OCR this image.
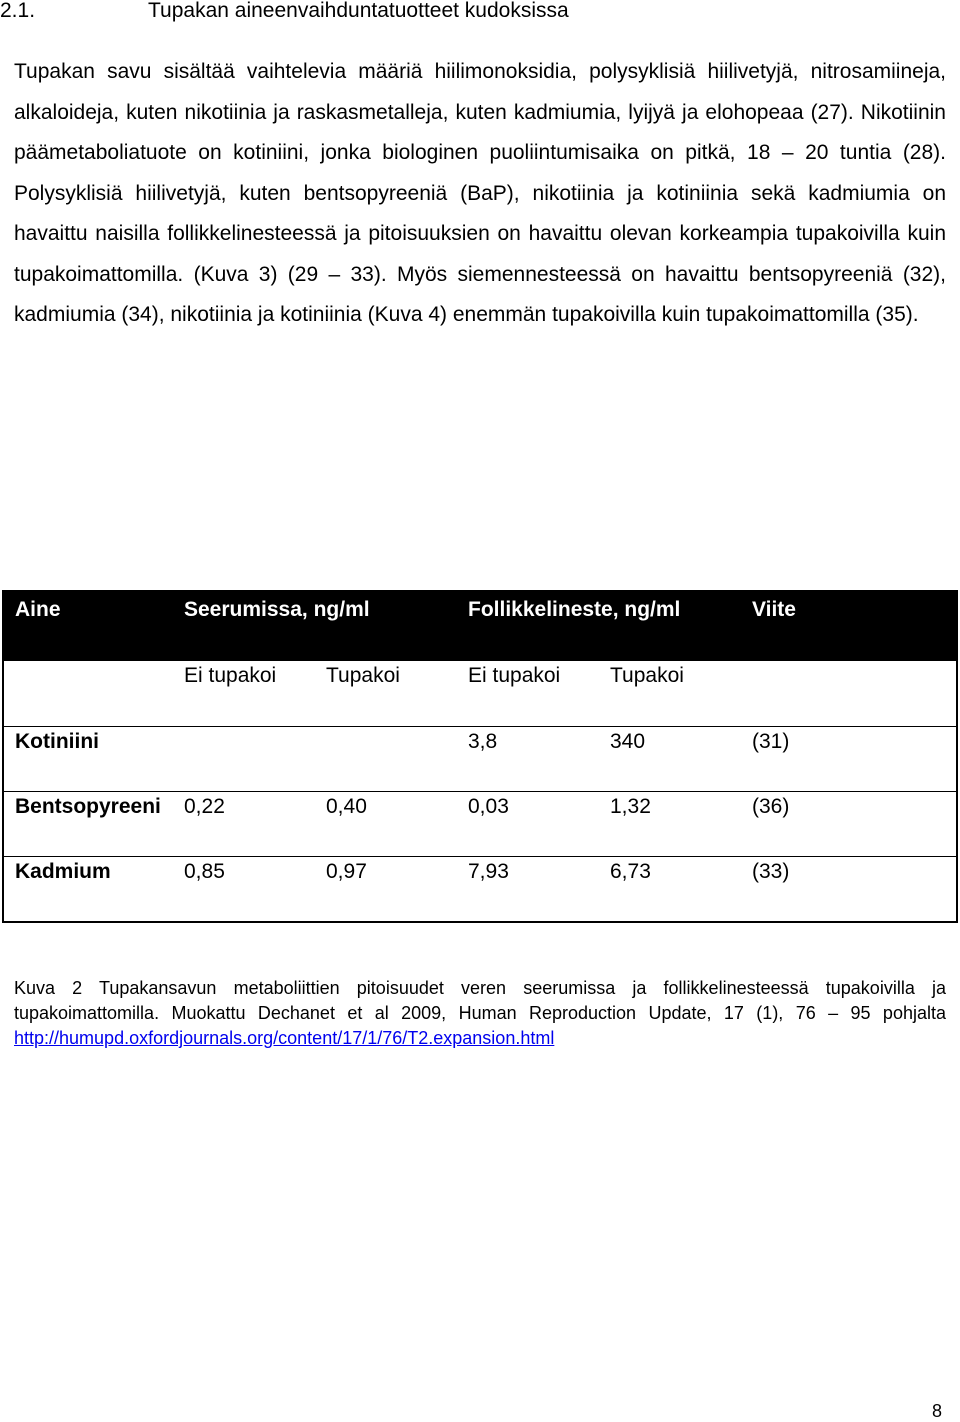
2.1.	Tupakan aineenvaihduntatuotteet kudoksissa

Tupakan savu sisältää vaihtelevia määriä hiilimonoksidia, polysyklisiä hiilivetyjä, nitrosamiineja, alkaloideja, kuten nikotiinia ja raskasmetalleja, kuten kadmiumia, lyijyä ja elohopeaa (27). Nikotiinin päämetaboliatuote on kotiniini, jonka biologinen puoliintumisaika on pitkä, 18 – 20 tuntia (28). Polysyklisiä hiilivetyjä, kuten bentsopyreeniä (BaP), nikotiinia ja kotiniinia sekä kadmiumia on havaittu naisilla follikkelinesteessä ja pitoisuuksien on havaittu olevan korkeampia tupakoivilla kuin tupakoimattomilla. (Kuva 3) (29 – 33). Myös siemennesteessä on havaittu bentsopyreeniä (32), kadmiumia (34), nikotiinia ja kotiniinia (Kuva 4) enemmän tupakoivilla kuin tupakoimattomilla (35).

Aine	Seerumissa, ng/ml		Follikkelineste, ng/ml		Viite
	Ei tupakoi	Tupakoi	Ei tupakoi	Tupakoi	
Kotiniini			3,8	340	(31)
Bentsopyreeni	0,22	0,40	0,03	1,32	(36)
Kadmium	0,85	0,97	7,93	6,73	(33)
Kuva 2 Tupakansavun metaboliittien pitoisuudet veren seerumissa ja follikkelinesteessä tupakoivilla ja tupakoimattomilla. Muokattu Dechanet et al 2009, Human Reproduction Update, 17 (1), 76 – 95 pohjalta http://humupd.oxfordjournals.org/content/17/1/76/T2.expansion.html
8
